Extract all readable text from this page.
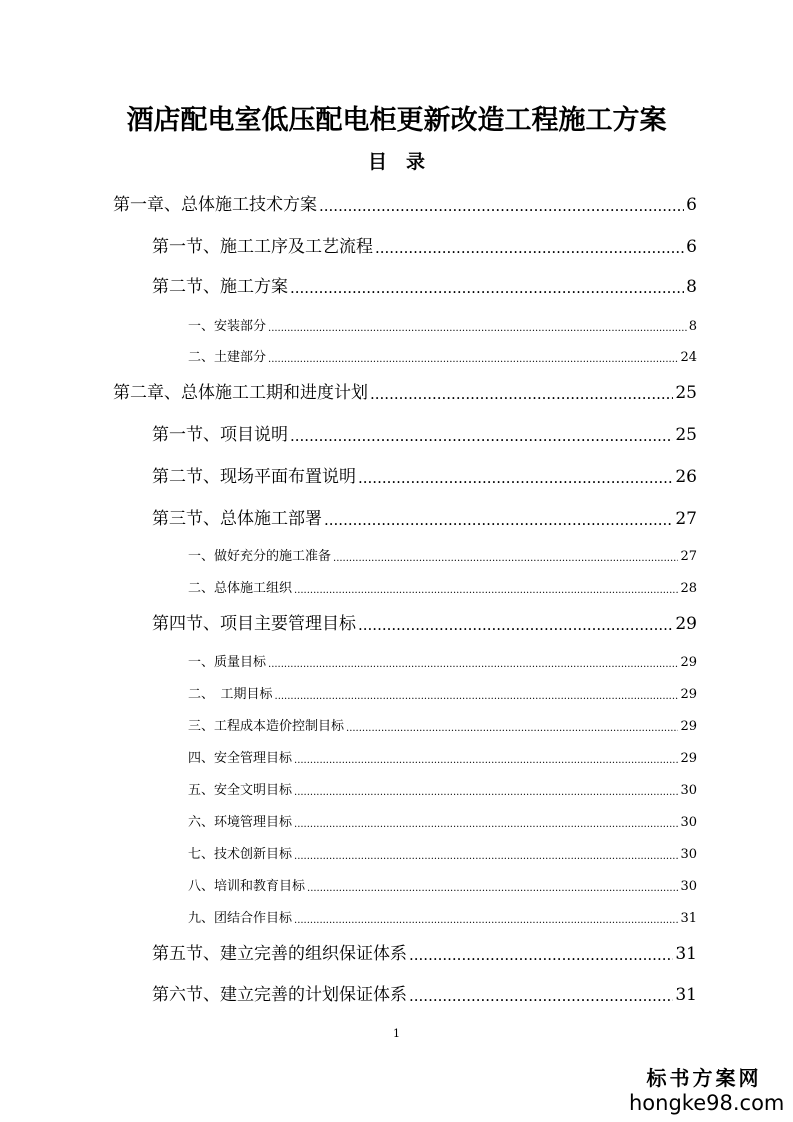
酒店配电室低压配电柜更新改造工程施工方案
目　录
第一章、总体施工技术方案 .....	6
第一节、施工工序及工艺流程 .....	6
第二节、施工方案 .....	8
一、安装部分 .....	8
二、土建部分 .....	24
第二章、总体施工工期和进度计划 .....	25
第一节、项目说明 .....	25
第二节、现场平面布置说明 .....	26
第三节、总体施工部署 .....	27
一、做好充分的施工准备 .....	27
二、总体施工组织 .....	28
第四节、项目主要管理目标 .....	29
一、质量目标 .....	29
二、　工期目标 .....	29
三、工程成本造价控制目标 .....	29
四、安全管理目标 .....	29
五、安全文明目标 .....	30
六、环境管理目标 .....	30
七、技术创新目标 .....	30
八、培训和教育目标 .....	30
九、团结合作目标 .....	31
第五节、建立完善的组织保证体系 .....	31
第六节、建立完善的计划保证体系 .....	31
1
标书方案网
hongke98.com
